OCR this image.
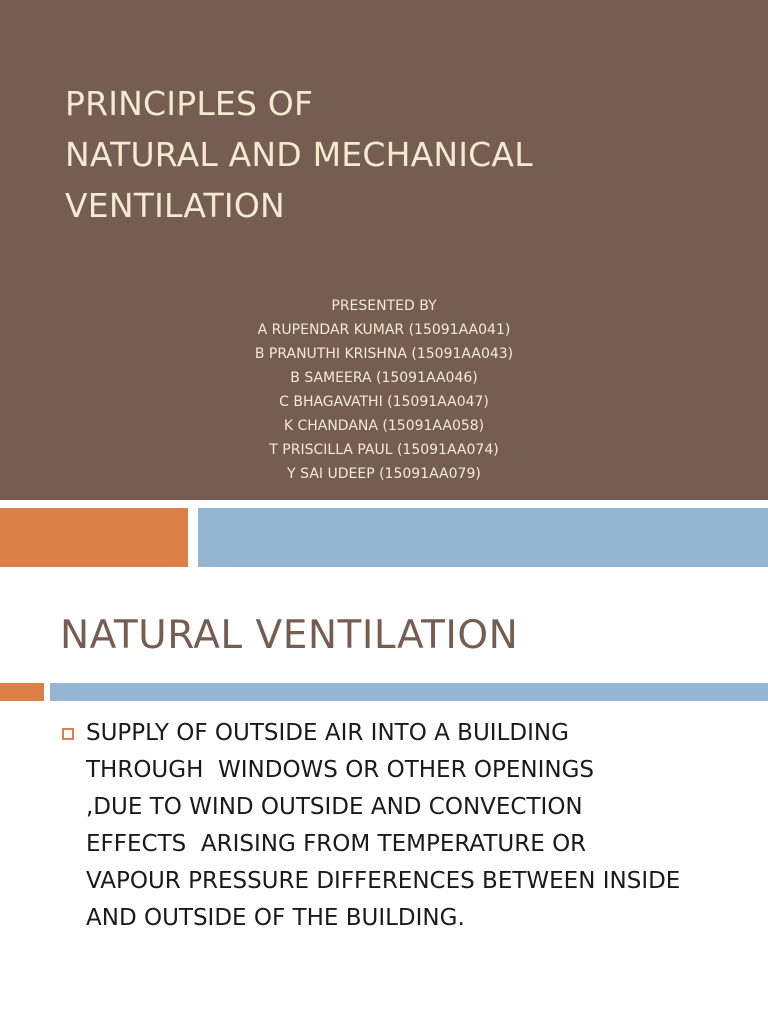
PRINCIPLES OF
NATURAL AND MECHANICAL
VENTILATION
PRESENTED BY
A RUPENDAR KUMAR (15091AA041)
B PRANUTHI KRISHNA (15091AA043)
B SAMEERA (15091AA046)
C BHAGAVATHI (15091AA047)
K CHANDANA (15091AA058)
T PRISCILLA PAUL (15091AA074)
Y SAI UDEEP (15091AA079)
NATURAL VENTILATION
SUPPLY OF OUTSIDE AIR INTO A BUILDING
THROUGH  WINDOWS OR OTHER OPENINGS
,DUE TO WIND OUTSIDE AND CONVECTION
EFFECTS  ARISING FROM TEMPERATURE OR
VAPOUR PRESSURE DIFFERENCES BETWEEN INSIDE
AND OUTSIDE OF THE BUILDING.
